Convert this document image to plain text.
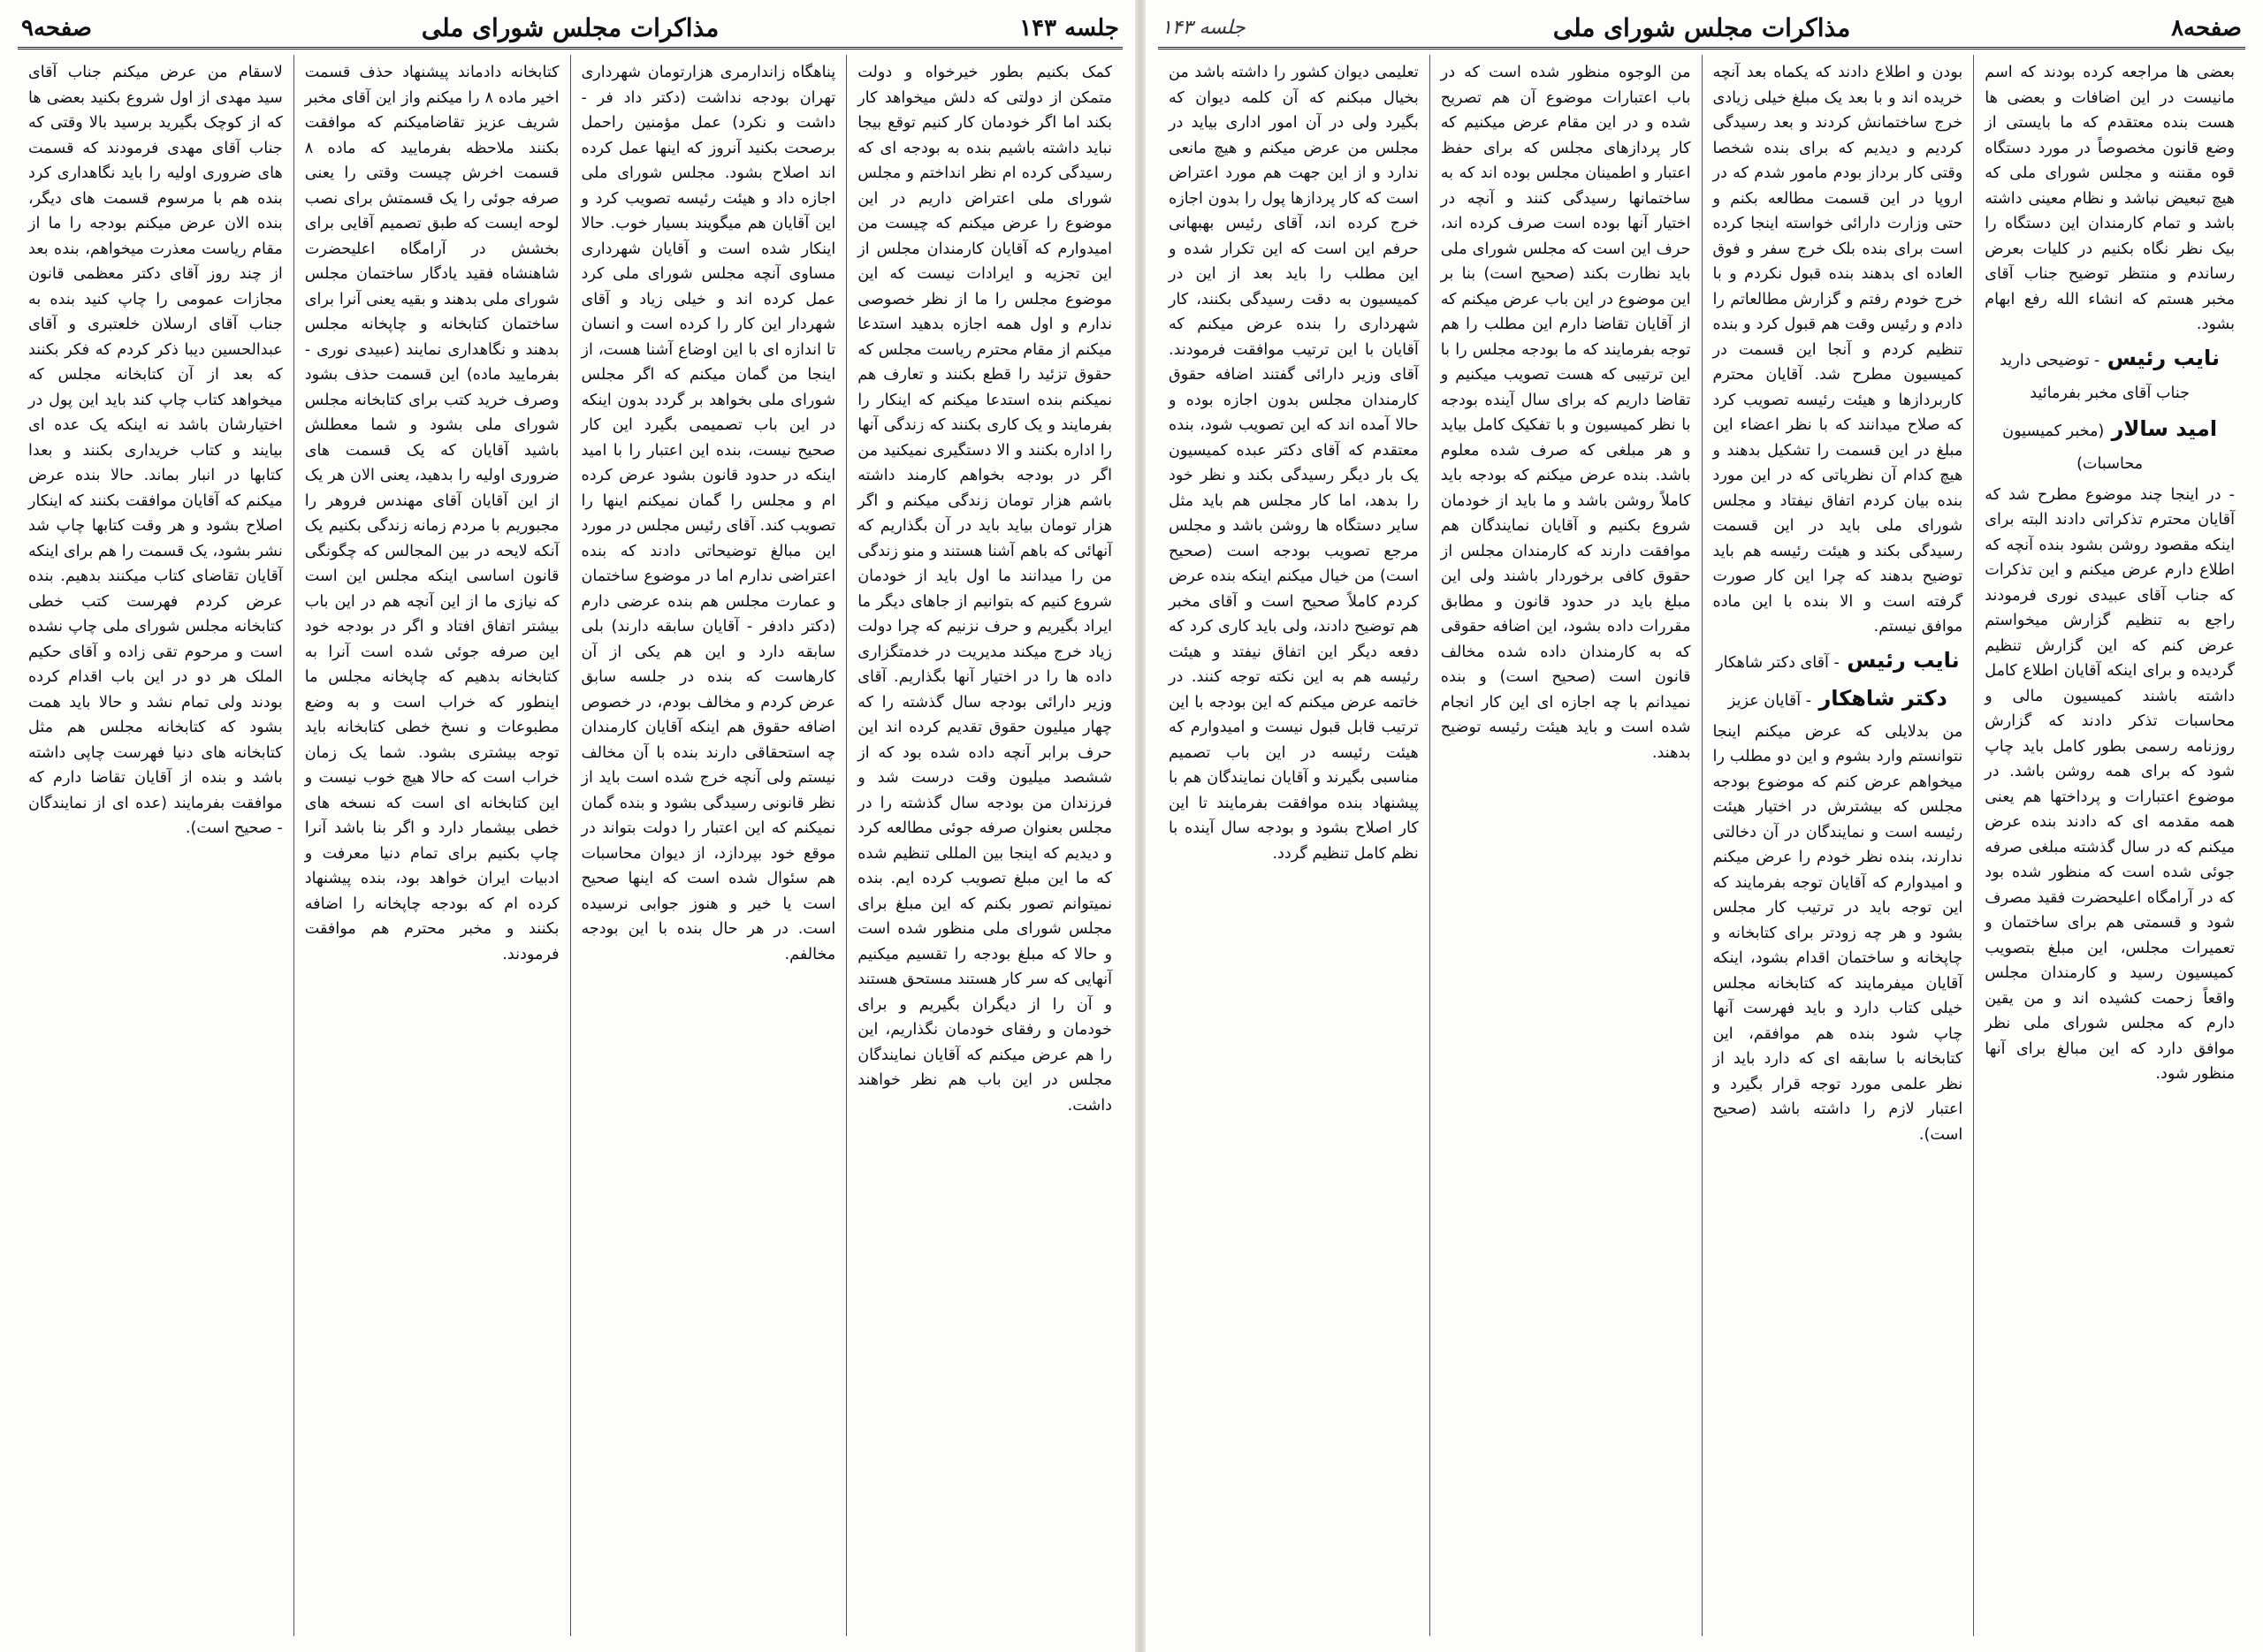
جلسه ۱۴۳
مذاکرات مجلس شورای ملی
صفحه۹

کمک بکنیم بطور خیرخواه و دولت متمکن از دولتی که دلش میخواهد کار بکند اما اگر خودمان کار کنیم توقع بیجا نباید داشته باشیم بنده به بودجه ای که رسیدگی کرده ام نظر انداختم و مجلس شورای ملی اعتراض داریم در این موضوع را عرض میکنم که چیست من امیدوارم که آقایان کارمندان مجلس از این تجزیه و ایرادات نیست که این موضوع مجلس را ما از نظر خصوصی ندارم و اول همه اجازه بدهید استدعا میکنم از مقام محترم ریاست مجلس که حقوق تزئید را قطع بکنند و تعارف هم نمیکنم بنده استدعا میکنم که اینکار را بفرمایند و یک کاری بکنند که زندگی آنها را اداره بکنند و الا دستگیری نمیکنید من اگر در بودجه بخواهم کارمند داشته باشم هزار تومان زندگی میکنم و اگر هزار تومان بیاید باید در آن بگذاریم که آنهائی که باهم آشنا هستند و منو زندگی من را میدانند ما اول باید از خودمان شروع کنیم که بتوانیم از جاهای دیگر ما ایراد بگیریم و حرف نزنیم که چرا دولت زیاد خرج میکند مدیریت در خدمتگزاری داده ها را در اختیار آنها بگذاریم. آقای وزیر دارائی بودجه سال گذشته را که چهار میلیون حقوق تقدیم کرده اند این حرف برابر آنچه داده شده بود که از ششصد میلیون وقت درست شد و فرزندان من بودجه سال گذشته را در مجلس بعنوان صرفه جوئی مطالعه کرد و دیدیم که اینجا بین المللی تنظیم شده که ما این مبلغ تصویب کرده ایم. بنده نمیتوانم تصور بکنم که این مبلغ برای مجلس شورای ملی منظور شده است و حالا که مبلغ بودجه را تقسیم میکنیم آنهایی که سر کار هستند مستحق هستند و آن را از دیگران بگیریم و برای خودمان و رفقای خودمان نگذاریم، این را هم عرض میکنم که آقایان نمایندگان مجلس در این باب هم نظر خواهند داشت.

پناهگاه زاندارمری هزارتومان شهرداری تهران بودجه نداشت (دکتر داد فر - داشت و نکرد) عمل مؤمنین راحمل برصحت بکنید آنروز که اینها عمل کرده اند اصلاح بشود. مجلس شورای ملی اجازه داد و هیئت رئیسه تصویب کرد و این آقایان هم میگویند بسیار خوب. حالا اینکار شده است و آقایان شهرداری مساوی آنچه مجلس شورای ملی کرد عمل کرده اند و خیلی زیاد و آقای شهردار این کار را کرده است و انسان تا اندازه ای با این اوضاع آشنا هست، از اینجا من گمان میکنم که اگر مجلس شورای ملی بخواهد بر گردد بدون اینکه در این باب تصمیمی بگیرد این کار صحیح نیست، بنده این اعتبار را با امید اینکه در حدود قانون بشود عرض کرده ام و مجلس را گمان نمیکنم اینها را تصویب کند. آقای رئیس مجلس در مورد این مبالغ توضیحاتی دادند که بنده اعتراضی ندارم اما در موضوع ساختمان و عمارت مجلس هم بنده عرضی دارم (دکتر دادفر - آقایان سابقه دارند) بلی سابقه دارد و این هم یکی از آن کارهاست که بنده در جلسه سابق عرض کردم و مخالف بودم، در خصوص اضافه حقوق هم اینکه آقایان کارمندان چه استحقاقی دارند بنده با آن مخالف نیستم ولی آنچه خرج شده است باید از نظر قانونی رسیدگی بشود و بنده گمان نمیکنم که این اعتبار را دولت بتواند در موقع خود بپردازد، از دیوان محاسبات هم سئوال شده است که اینها صحیح است یا خیر و هنوز جوابی نرسیده است. در هر حال بنده با این بودجه مخالفم.

کتابخانه دادماند پیشنهاد حذف قسمت اخیر ماده ۸ را میکنم واز این آقای مخبر شریف عزیز تقاضامیکنم که موافقت بکنند ملاحظه بفرمایید که ماده ۸ قسمت اخرش چیست وقتی را یعنی صرفه جوئی را یک قسمتش برای نصب لوحه ایست که طبق تصمیم آقایی برای بخشش در آرامگاه اعلیحضرت شاهنشاه فقید یادگار ساختمان مجلس شورای ملی بدهند و بقیه یعنی آنرا برای ساختمان کتابخانه و چاپخانه مجلس بدهند و نگاهداری نمایند (عبیدی نوری - بفرمایید ماده) این قسمت حذف بشود وصرف خرید کتب برای کتابخانه مجلس شورای ملی بشود و شما معطلش باشید آقایان که یک قسمت های ضروری اولیه را بدهید، یعنی الان هر یک از این آقایان آقای مهندس فروهر را مجبوریم با مردم زمانه زندگی بکنیم یک آنکه لایحه در بین المجالس که چگونگی قانون اساسی اینکه مجلس این است که نیازی ما از این آنچه هم در این باب بیشتر اتفاق افتاد و اگر در بودجه خود این صرفه جوئی شده است آنرا به کتابخانه بدهیم که چاپخانه مجلس ما اینطور که خراب است و به وضع مطبوعات و نسخ خطی کتابخانه باید توجه بیشتری بشود. شما یک زمان خراب است که حالا هیچ خوب نیست و این کتابخانه ای است که نسخه های خطی بیشمار دارد و اگر بنا باشد آنرا چاپ بکنیم برای تمام دنیا معرفت و ادبیات ایران خواهد بود، بنده پیشنهاد کرده ام که بودجه چاپخانه را اضافه بکنند و مخبر محترم هم موافقت فرمودند.

لاسقام من عرض میکنم جناب آقای سید مهدی از اول شروع بکنید بعضی ها که از کوچک بگیرید برسید بالا وقتی که جناب آقای مهدی فرمودند که قسمت های ضروری اولیه را باید نگاهداری کرد بنده هم با مرسوم قسمت های دیگر، بنده الان عرض میکنم بودجه را ما از مقام ریاست معذرت میخواهم، بنده بعد از چند روز آقای دکتر معظمی قانون مجازات عمومی را چاپ کنید بنده به جناب آقای ارسلان خلعتبری و آقای عبدالحسین دیبا ذکر کردم که فکر بکنند که بعد از آن کتابخانه مجلس که میخواهد کتاب چاپ کند باید این پول در اختیارشان باشد نه اینکه یک عده ای بیایند و کتاب خریداری بکنند و بعدا کتابها در انبار بماند. حالا بنده عرض میکنم که آقایان موافقت بکنند که اینکار اصلاح بشود و هر وقت کتابها چاپ شد نشر بشود، یک قسمت را هم برای اینکه آقایان تقاضای کتاب میکنند بدهیم. بنده عرض کردم فهرست کتب خطی کتابخانه مجلس شورای ملی چاپ نشده است و مرحوم تقی زاده و آقای حکیم الملک هر دو در این باب اقدام کرده بودند ولی تمام نشد و حالا باید همت بشود که کتابخانه مجلس هم مثل کتابخانه های دنیا فهرست چاپی داشته باشد و بنده از آقایان تقاضا دارم که موافقت بفرمایند (عده ای از نمایندگان - صحیح است).

صفحه۸
مذاکرات مجلس شورای ملی
جلسه ۱۴۳

بعضی ها مراجعه کرده بودند که اسم مانیست در این اضافات و بعضی ها هست بنده معتقدم که ما بایستی از وضع قانون مخصوصاً در مورد دستگاه قوه مقننه و مجلس شورای ملی که هیچ تبعیض نباشد و نظام معینی داشته باشد و تمام کارمندان این دستگاه را بیک نظر نگاه بکنیم در کلیات بعرض رساندم و منتظر توضیح جناب آقای مخبر هستم که انشاء الله رفع ابهام بشود.

نایب رئیس - توضیحی دارید جناب آقای مخبر بفرمائید
امید سالار (مخبر کمیسیون محاسبات)

- در اینجا چند موضوع مطرح شد که آقایان محترم تذکراتی دادند البته برای اینکه مقصود روشن بشود بنده آنچه که اطلاع دارم عرض میکنم و این تذکرات که جناب آقای عبیدی نوری فرمودند راجع به تنظیم گزارش میخواستم عرض کنم که این گزارش تنظیم گردیده و برای اینکه آقایان اطلاع کامل داشته باشند کمیسیون مالی و محاسبات تذکر دادند که گزارش روزنامه رسمی بطور کامل باید چاپ شود که برای همه روشن باشد. در موضوع اعتبارات و پرداختها هم یعنی همه مقدمه ای که دادند بنده عرض میکنم که در سال گذشته مبلغی صرفه جوئی شده است که منظور شده بود که در آرامگاه اعلیحضرت فقید مصرف شود و قسمتی هم برای ساختمان و تعمیرات مجلس، این مبلغ بتصویب کمیسیون رسید و کارمندان مجلس واقعاً زحمت کشیده اند و من یقین دارم که مجلس شورای ملی نظر موافق دارد که این مبالغ برای آنها منظور شود.

بودن و اطلاع دادند که یکماه بعد آنچه خریده اند و با بعد یک مبلغ خیلی زیادی خرج ساختمانش کردند و بعد رسیدگی کردیم و دیدیم که برای بنده شخصا وقتی کار برداز بودم مامور شدم که در اروپا در این قسمت مطالعه بکنم و حتی وزارت دارائی خواسته اینجا کرده است برای بنده بلک خرج سفر و فوق العاده ای بدهند بنده قبول نکردم و با خرج خودم رفتم و گزارش مطالعاتم را دادم و رئیس وقت هم قبول کرد و بنده تنظیم کردم و آنجا این قسمت در کمیسیون مطرح شد. آقایان محترم کاربردازها و هیئت رئیسه تصویب کرد که صلاح میدانند که با نظر اعضاء این مبلغ در این قسمت را تشکیل بدهند و هیچ کدام آن نظریاتی که در این مورد بنده بیان کردم اتفاق نیفتاد و مجلس شورای ملی باید در این قسمت رسیدگی بکند و هیئت رئیسه هم باید توضیح بدهند که چرا این کار صورت گرفته است و الا بنده با این ماده موافق نیستم.

نایب رئیس - آقای دکتر شاهکار
دکتر شاهکار - آقایان عزیز

من بدلایلی که عرض میکنم اینجا نتوانستم وارد بشوم و این دو مطلب را میخواهم عرض کنم که موضوع بودجه مجلس که بیشترش در اختیار هیئت رئیسه است و نمایندگان در آن دخالتی ندارند، بنده نظر خودم را عرض میکنم و امیدوارم که آقایان توجه بفرمایند که این توجه باید در ترتیب کار مجلس بشود و هر چه زودتر برای کتابخانه و چاپخانه و ساختمان اقدام بشود، اینکه آقایان میفرمایند که کتابخانه مجلس خیلی کتاب دارد و باید فهرست آنها چاپ شود بنده هم موافقم، این کتابخانه با سابقه ای که دارد باید از نظر علمی مورد توجه قرار بگیرد و اعتبار لازم را داشته باشد (صحیح است).

من الوجوه منظور شده است که در باب اعتبارات موضوع آن هم تصریح شده و در این مقام عرض میکنیم که کار پردازهای مجلس که برای حفظ اعتبار و اطمینان مجلس بوده اند که به ساختمانها رسیدگی کنند و آنچه در اختیار آنها بوده است صرف کرده اند، حرف این است که مجلس شورای ملی باید نظارت بکند (صحیح است) بنا بر این موضوع در این باب عرض میکنم که از آقایان تقاضا دارم این مطلب را هم توجه بفرمایند که ما بودجه مجلس را با این ترتیبی که هست تصویب میکنیم و تقاضا داریم که برای سال آینده بودجه با نظر کمیسیون و با تفکیک کامل بیاید و هر مبلغی که صرف شده معلوم باشد. بنده عرض میکنم که بودجه باید کاملاً روشن باشد و ما باید از خودمان شروع بکنیم و آقایان نمایندگان هم موافقت دارند که کارمندان مجلس از حقوق کافی برخوردار باشند ولی این مبلغ باید در حدود قانون و مطابق مقررات داده بشود، این اضافه حقوقی که به کارمندان داده شده مخالف قانون است (صحیح است) و بنده نمیدانم با چه اجازه ای این کار انجام شده است و باید هیئت رئیسه توضیح بدهند.

تعلیمی دیوان کشور را داشته باشد من بخیال مبکنم که آن کلمه دیوان که بگیرد ولی در آن امور اداری بیاید در مجلس من عرض میکنم و هیچ مانعی ندارد و از این جهت هم مورد اعتراض است که کار پردازها پول را بدون اجازه خرج کرده اند، آقای رئیس بهبهانی حرفم این است که این تکرار شده و این مطلب را باید بعد از این در کمیسیون به دقت رسیدگی بکنند، کار شهرداری را بنده عرض میکنم که آقایان با این ترتیب موافقت فرمودند. آقای وزیر دارائی گفتند اضافه حقوق کارمندان مجلس بدون اجازه بوده و حالا آمده اند که این تصویب شود، بنده معتقدم که آقای دکتر عبده کمیسیون یک بار دیگر رسیدگی بکند و نظر خود را بدهد، اما کار مجلس هم باید مثل سایر دستگاه ها روشن باشد و مجلس مرجع تصویب بودجه است (صحیح است) من خیال میکنم اینکه بنده عرض کردم کاملاً صحیح است و آقای مخبر هم توضیح دادند، ولی باید کاری کرد که دفعه دیگر این اتفاق نیفتد و هیئت رئیسه هم به این نکته توجه کنند. در خاتمه عرض میکنم که این بودجه با این ترتیب قابل قبول نیست و امیدوارم که هیئت رئیسه در این باب تصمیم مناسبی بگیرند و آقایان نمایندگان هم با پیشنهاد بنده موافقت بفرمایند تا این کار اصلاح بشود و بودجه سال آینده با نظم کامل تنظیم گردد.
